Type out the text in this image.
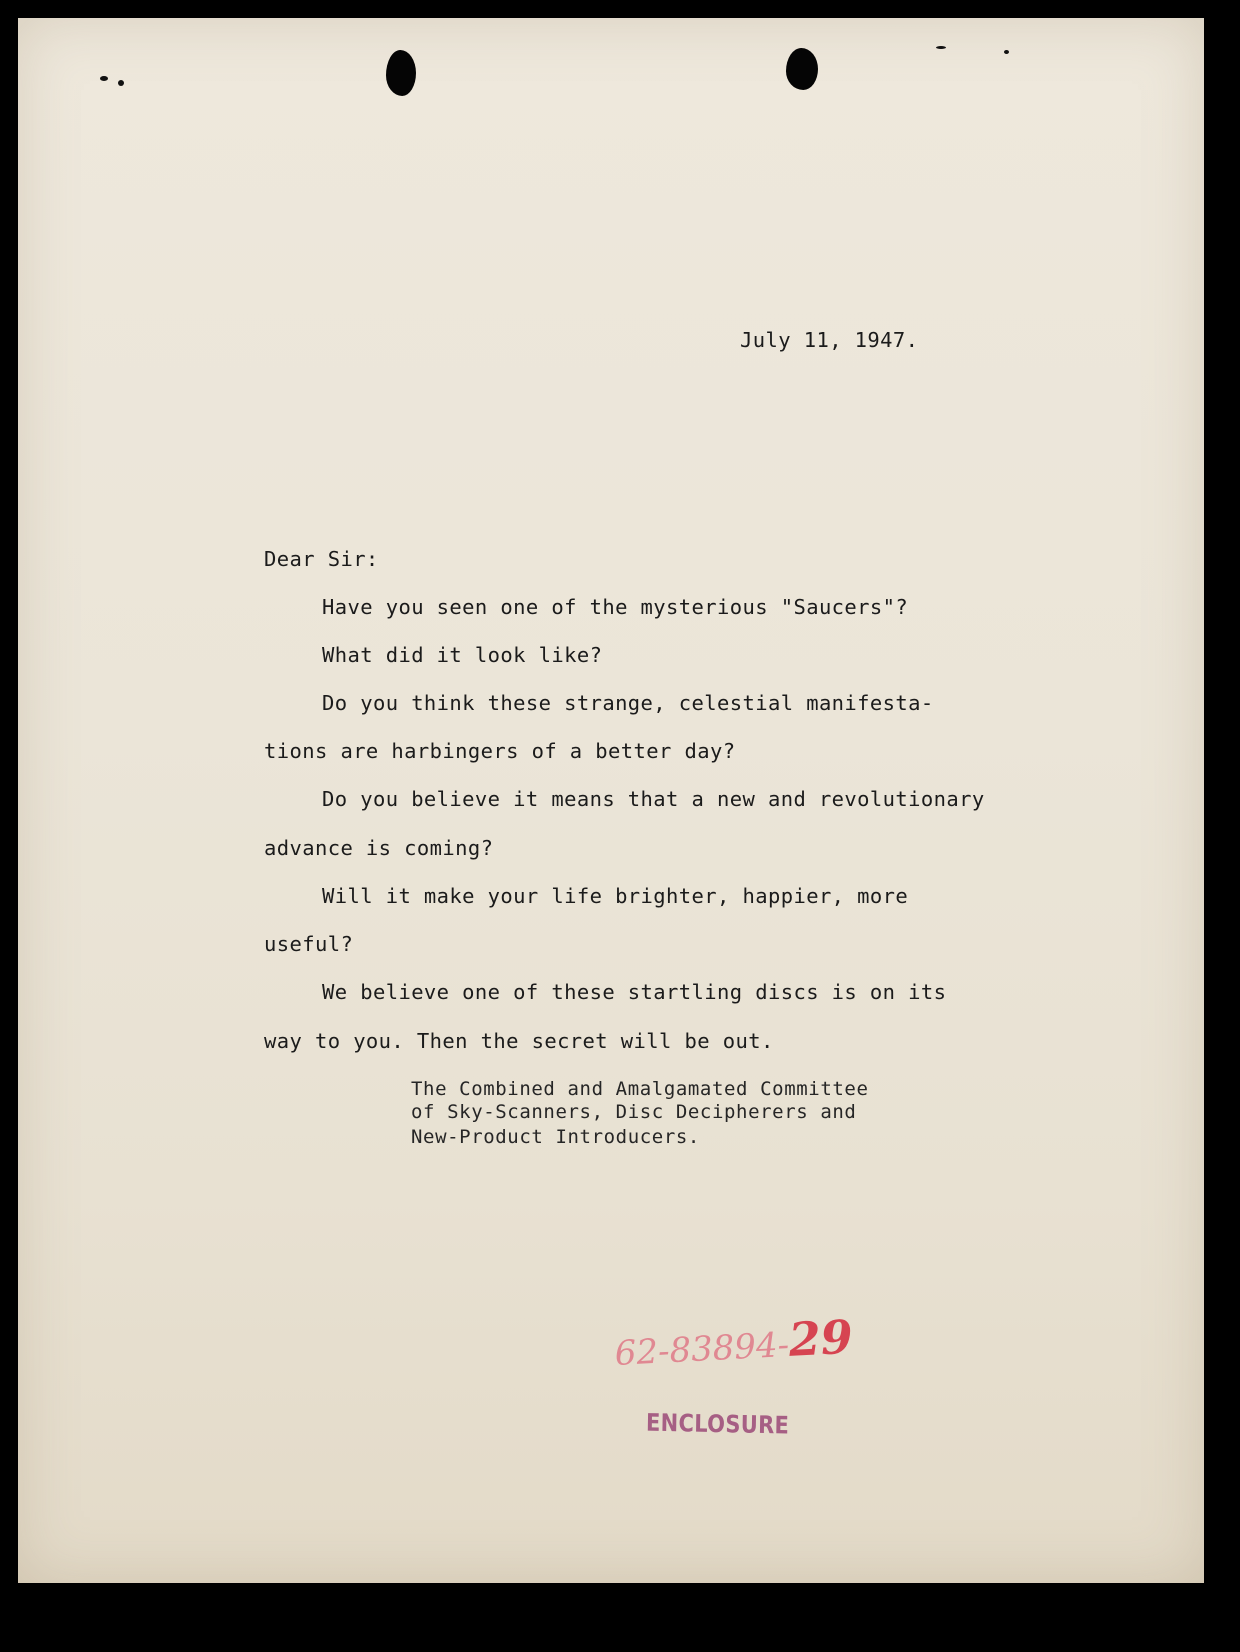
July 11, 1947.

Dear Sir:

Have you seen one of the mysterious "Saucers"?

What did it look like?

Do you think these strange, celestial manifesta-

tions are harbingers of a better day?

Do you believe it means that a new and revolutionary

advance is coming?

Will it make your life brighter, happier, more

useful?

We believe one of these startling discs is on its

way to you. Then the secret will be out.

The Combined and Amalgamated Committee
of Sky-Scanners, Disc Decipherers and
New-Product Introducers.
62-83894-29
ENCLOSURE
